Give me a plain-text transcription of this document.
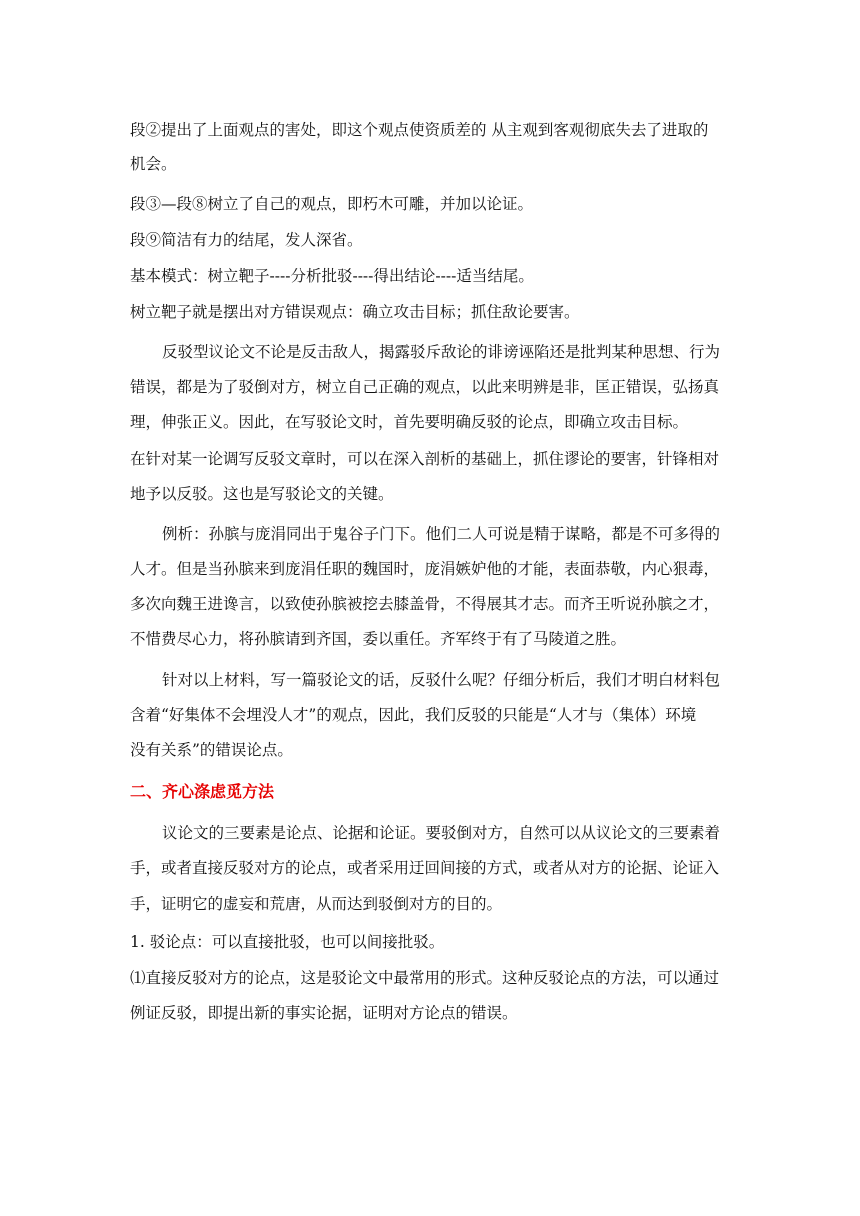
段②提出了上面观点的害处，即这个观点使资质差的 从主观到客观彻底失去了进取的
机会。
段③—段⑧树立了自己的观点，即朽木可雕，并加以论证。
段⑨简洁有力的结尾，发人深省。
基本模式：树立靶子----分析批驳----得出结论----适当结尾。
树立靶子就是摆出对方错误观点：确立攻击目标；抓住敌论要害。
反驳型议论文不论是反击敌人，揭露驳斥敌论的诽谤诬陷还是批判某种思想、行为
错误，都是为了驳倒对方，树立自己正确的观点，以此来明辨是非，匡正错误，弘扬真
理，伸张正义。因此，在写驳论文时，首先要明确反驳的论点，即确立攻击目标。
在针对某一论调写反驳文章时，可以在深入剖析的基础上，抓住谬论的要害，针锋相对
地予以反驳。这也是写驳论文的关键。
例析：孙膑与庞涓同出于鬼谷子门下。他们二人可说是精于谋略，都是不可多得的
人才。但是当孙膑来到庞涓任职的魏国时，庞涓嫉妒他的才能，表面恭敬，内心狠毒，
多次向魏王进谗言，以致使孙膑被挖去膝盖骨，不得展其才志。而齐王听说孙膑之才，
不惜费尽心力，将孙膑请到齐国，委以重任。齐军终于有了马陵道之胜。
针对以上材料，写一篇驳论文的话，反驳什么呢？仔细分析后，我们才明白材料包
含着“好集体不会埋没人才”的观点，因此，我们反驳的只能是“人才与（集体）环境
没有关系”的错误论点。
二、齐心涤虑觅方法
议论文的三要素是论点、论据和论证。要驳倒对方，自然可以从议论文的三要素着
手，或者直接反驳对方的论点，或者采用迂回间接的方式，或者从对方的论据、论证入
手，证明它的虚妄和荒唐，从而达到驳倒对方的目的。
1. 驳论点：可以直接批驳，也可以间接批驳。
⑴直接反驳对方的论点，这是驳论文中最常用的形式。这种反驳论点的方法，可以通过
例证反驳，即提出新的事实论据，证明对方论点的错误。
